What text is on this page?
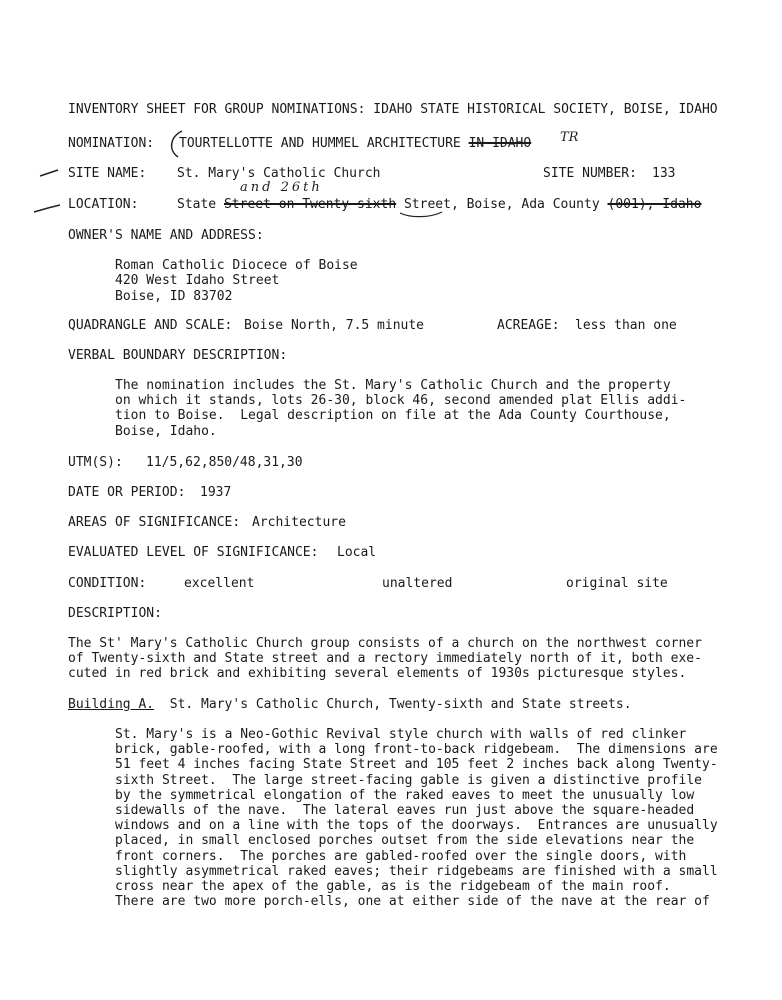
INVENTORY SHEET FOR GROUP NOMINATIONS: IDAHO STATE HISTORICAL SOCIETY, BOISE, IDAHO
NOMINATION: TOURTELLOTTE AND HUMMEL ARCHITECTURE IN IDAHO TR
SITE NAME: St. Mary's Catholic Church	SITE NUMBER: 133
and 26th
LOCATION:	State Street on Twenty-sixth Street, Boise, Ada County (001), Idaho
OWNER'S NAME AND ADDRESS:
Roman Catholic Diocece of Boise
420 West Idaho Street
Boise, ID 83702
QUADRANGLE AND SCALE: Boise North, 7.5 minute	ACREAGE: less than one
VERBAL BOUNDARY DESCRIPTION:
The nomination includes the St. Mary's Catholic Church and the property
on which it stands, lots 26-30, block 46, second amended plat Ellis addi-
tion to Boise.  Legal description on file at the Ada County Courthouse,
Boise, Idaho.
UTM(S): 11/5,62,850/48,31,30
DATE OR PERIOD: 1937
AREAS OF SIGNIFICANCE: Architecture
EVALUATED LEVEL OF SIGNIFICANCE: Local
CONDITION:	excellent	unaltered	original site
DESCRIPTION:
The St' Mary's Catholic Church group consists of a church on the northwest corner
of Twenty-sixth and State street and a rectory immediately north of it, both exe-
cuted in red brick and exhibiting several elements of 1930s picturesque styles.
Building A. St. Mary's Catholic Church, Twenty-sixth and State streets.
St. Mary's is a Neo-Gothic Revival style church with walls of red clinker
brick, gable-roofed, with a long front-to-back ridgebeam.  The dimensions are
51 feet 4 inches facing State Street and 105 feet 2 inches back along Twenty-
sixth Street.  The large street-facing gable is given a distinctive profile
by the symmetrical elongation of the raked eaves to meet the unusually low
sidewalls of the nave.  The lateral eaves run just above the square-headed
windows and on a line with the tops of the doorways.  Entrances are unusually
placed, in small enclosed porches outset from the side elevations near the
front corners.  The porches are gabled-roofed over the single doors, with
slightly asymmetrical raked eaves; their ridgebeams are finished with a small
cross near the apex of the gable, as is the ridgebeam of the main roof.
There are two more porch-ells, one at either side of the nave at the rear of
